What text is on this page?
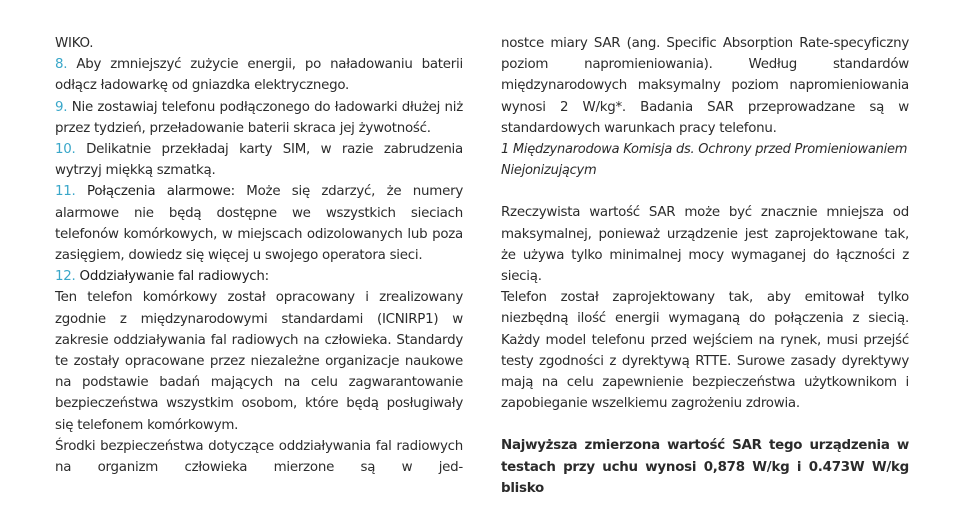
WIKO.

8. Aby zmniejszyć zużycie energii, po naładowaniu baterii odłącz ładowarkę od gniazdka elektrycznego.

9. Nie zostawiaj telefonu podłączonego do ładowarki dłużej niż przez tydzień, przeładowanie baterii skraca jej żywotność.

10. Delikatnie przekładaj karty SIM, w razie zabrudzenia wytrzyj miękką szmatką.

11. Połączenia alarmowe: Może się zdarzyć, że numery alarmowe nie będą dostępne we wszystkich sieciach telefonów komórkowych, w miejscach odizolowanych lub poza zasięgiem, dowiedz się więcej u swojego operatora sieci.

12. Oddziaływanie fal radiowych:

Ten telefon komórkowy został opracowany i zrealizowany zgodnie z międzynarodowymi standardami (ICNIRP1) w zakresie oddziaływania fal radiowych na człowieka. Standardy te zostały opracowane przez niezależne organizacje naukowe na podstawie badań mających na celu zagwarantowanie bezpieczeństwa wszystkim osobom, które będą posługiwały się telefonem komórkowym.

Środki bezpieczeństwa dotyczące oddziaływania fal radiowych na organizm człowieka mierzone są w jed-

nostce miary SAR (ang. Specific Absorption Rate-specyficzny poziom napromieniowania). Według standardów międzynarodowych maksymalny poziom napromieniowania wynosi 2 W/kg*. Badania SAR przeprowadzane są w standardowych warunkach pracy telefonu.

1 Międzynarodowa Komisja ds. Ochrony przed Promieniowaniem Niejonizującym

Rzeczywista wartość SAR może być znacznie mniejsza od maksymalnej, ponieważ urządzenie jest zaprojektowane tak, że używa tylko minimalnej mocy wymaganej do łączności z siecią.

Telefon został zaprojektowany tak, aby emitował tylko niezbędną ilość energii wymaganą do połączenia z siecią. Każdy model telefonu przed wejściem na rynek, musi przejść testy zgodności z dyrektywą RTTE. Surowe zasady dyrektywy mają na celu zapewnienie bezpieczeństwa użytkownikom i zapobieganie wszelkiemu zagrożeniu zdrowia.

Najwyższa zmierzona wartość SAR tego urządzenia w testach przy uchu wynosi 0,878 W/kg i 0.473W W/kg blisko
